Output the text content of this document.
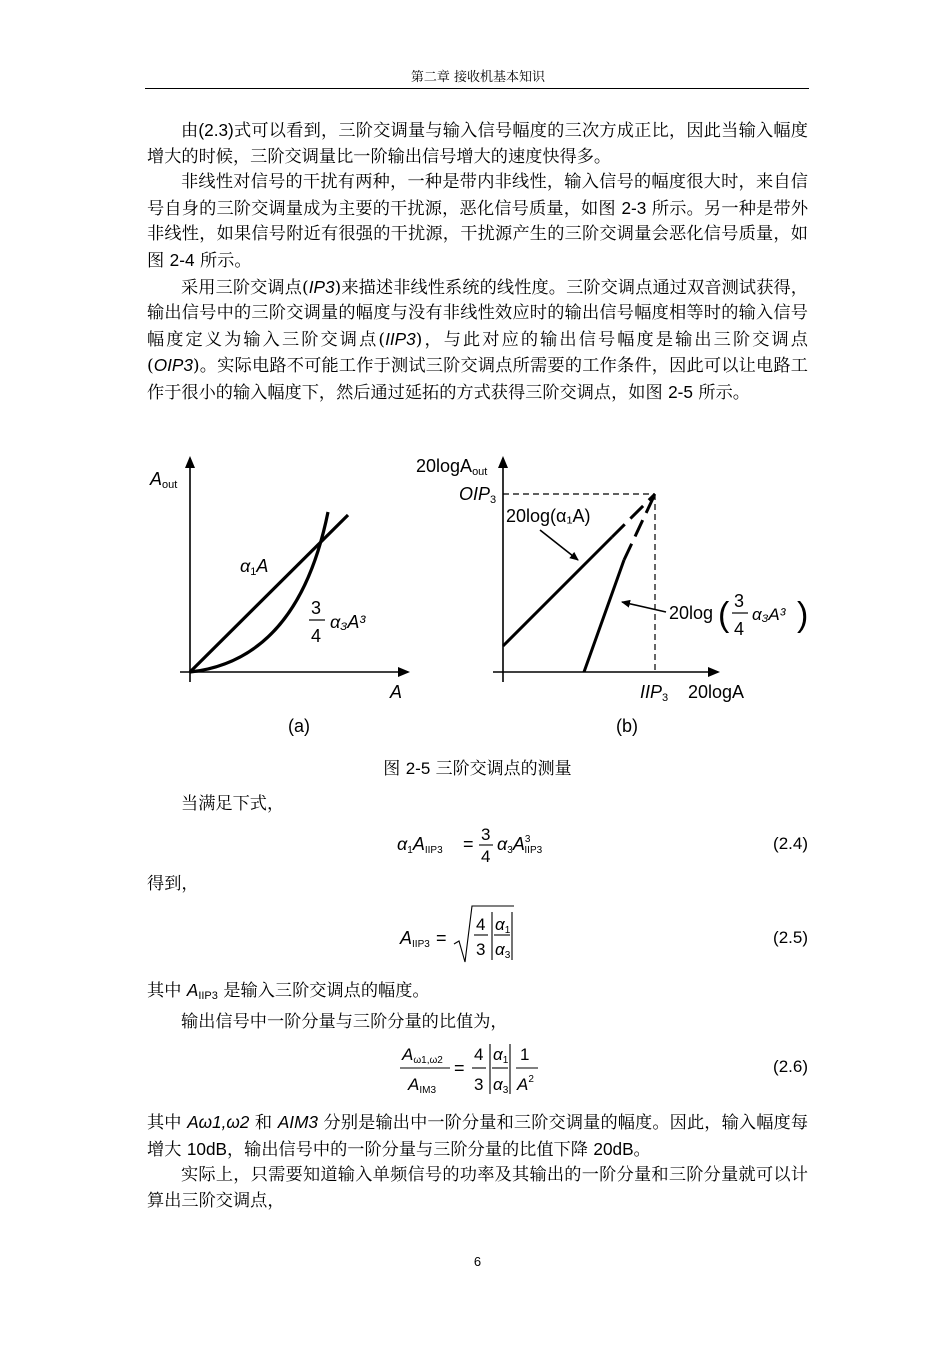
第二章 接收机基本知识

由(2.3)式可以看到，三阶交调量与输入信号幅度的三次方成正比，因此当输入幅度增大的时候，三阶交调量比一阶输出信号增大的速度快得多。

非线性对信号的干扰有两种，一种是带内非线性，输入信号的幅度很大时，来自信号自身的三阶交调量成为主要的干扰源，恶化信号质量，如图 2-3 所示。另一种是带外非线性，如果信号附近有很强的干扰源，干扰源产生的三阶交调量会恶化信号质量，如图 2-4 所示。

采用三阶交调点(IP3)来描述非线性系统的线性度。三阶交调点通过双音测试获得，输出信号中的三阶交调量的幅度与没有非线性效应时的输出信号幅度相等时的输入信号幅度定义为输入三阶交调点(IIP3)，与此对应的输出信号幅度是输出三阶交调点(OIP3)。实际电路不可能工作于测试三阶交调点所需要的工作条件，因此可以让电路工作于很小的输入幅度下，然后通过延拓的方式获得三阶交调点，如图 2-5 所示。

Aout
α1A
3
4
α₃A³
A
(a)
20logAout
OIP3
20log(α₁A)
20log ( 3
4
α₃A³ )
IIP3 20logA
(b)
图 2-5 三阶交调点的测量

当满足下式，

α1AIIP3 = 3
4
$\alpha 3A^3$ IIP3	(2.4)

得到，

AIIP3 =
4
3
α1
α3
(2.5)

其中 $A_{IIP3}$ 是输入三阶交调点的幅度。

输出信号中一阶分量与三阶分量的比值为，

Aω1,ω2
AIM3
=
4
3
α1
α3
1
$A^2$
(2.6)

其中 Aω1,ω2 和 AIM3 分别是输出中一阶分量和三阶交调量的幅度。因此，输入幅度每增大 10dB，输出信号中的一阶分量与三阶分量的比值下降 20dB。

实际上，只需要知道输入单频信号的功率及其输出的一阶分量和三阶分量就可以计算出三阶交调点，

6
